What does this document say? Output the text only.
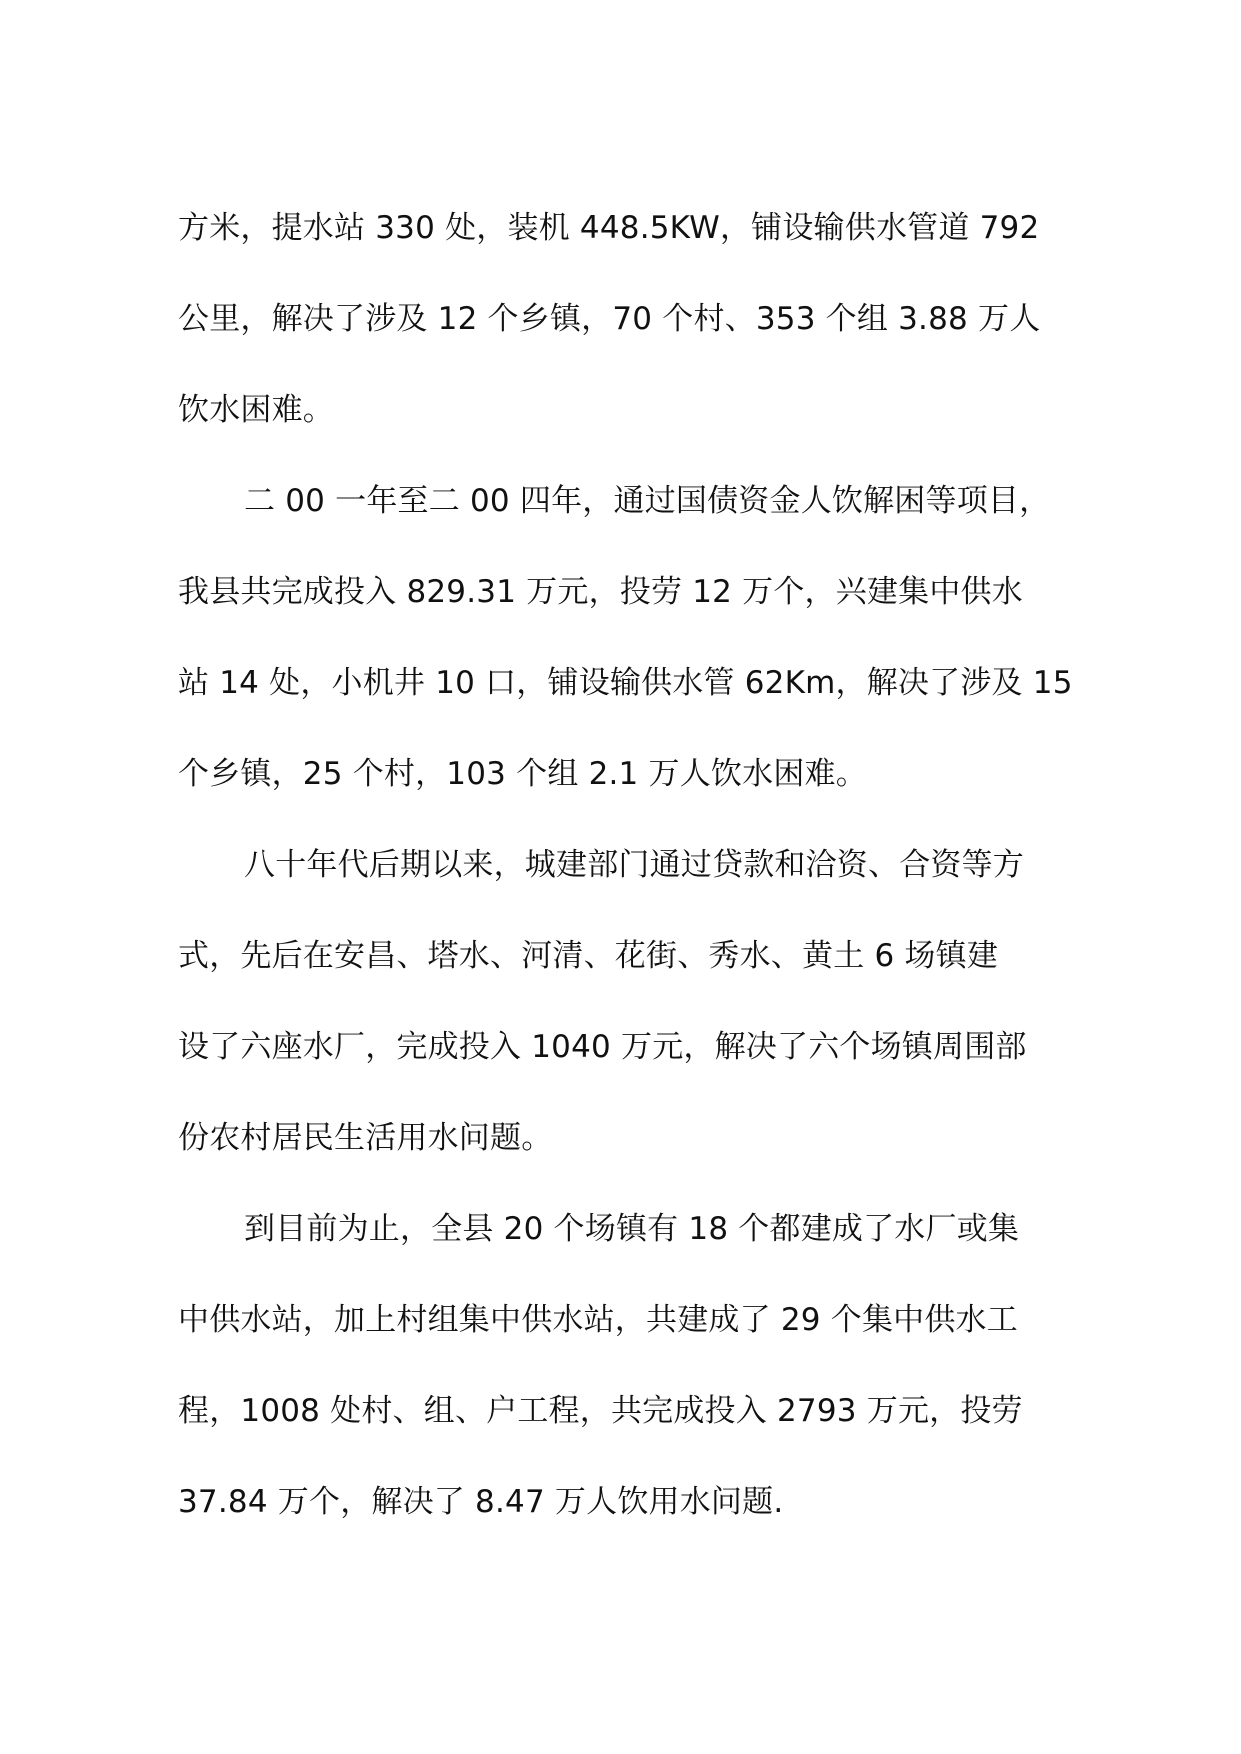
方米，提水站 330 处，装机 448.5KW，铺设输供水管道 792
公里，解决了涉及 12 个乡镇，70 个村、353 个组 3.88 万人
饮水困难。
二 00 一年至二 00 四年，通过国债资金人饮解困等项目，
我县共完成投入 829.31 万元，投劳 12 万个，兴建集中供水
站 14 处，小机井 10 口，铺设输供水管 62Km，解决了涉及 15
个乡镇，25 个村，103 个组 2.1 万人饮水困难。
八十年代后期以来，城建部门通过贷款和洽资、合资等方
式，先后在安昌、塔水、河清、花街、秀水、黄土 6 场镇建
设了六座水厂，完成投入 1040 万元，解决了六个场镇周围部
份农村居民生活用水问题。
到目前为止，全县 20 个场镇有 18 个都建成了水厂或集
中供水站，加上村组集中供水站，共建成了 29 个集中供水工
程，1008 处村、组、户工程，共完成投入 2793 万元，投劳
37.84 万个，解决了 8.47 万人饮用水问题.
